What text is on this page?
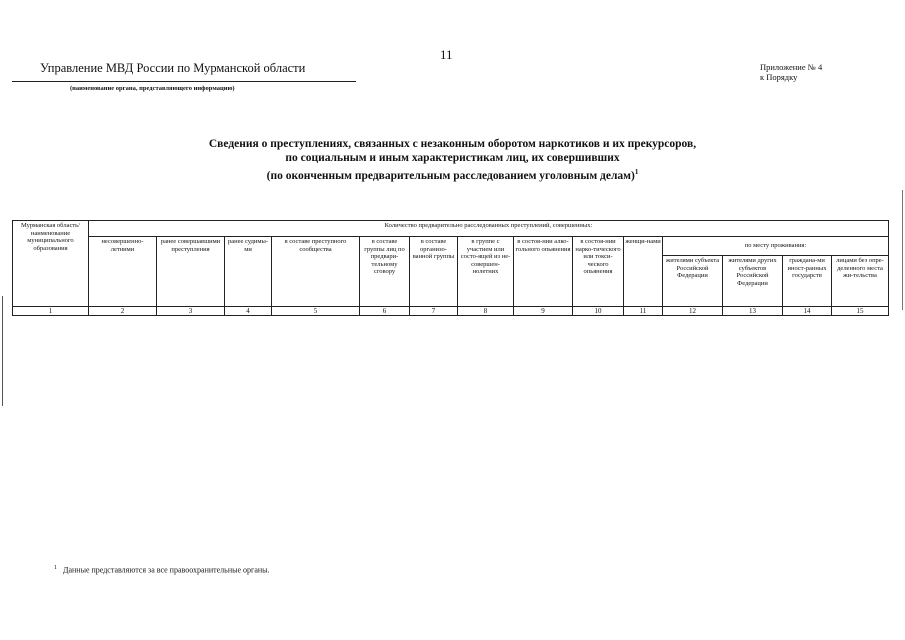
11
Управление МВД России по Мурманской области
(наименование органа, представляющего информацию)
Приложение № 4
к Порядку
Сведения о преступлениях, связанных с незаконным оборотом наркотиков и их прекурсоров,
по социальным и иным характеристикам лиц, их совершивших
(по оконченным предварительным расследованием уголовным делам)$^1$
Мурманская область/ наименование муниципального образования	Количество предварительно расследованных преступлений, совершенных:													
	несовершенно-летними	ранее совершавшими преступления	ранее судимы-ми	в составе преступного сообщества	в составе группы лиц по предвари-тельному сговору	в составе организо-ванной группы	в группе с участием или состо-ящей из не-совершен-нолетних	в состоя-нии алко-гольного опьянения	в состоя-нии нарко-тического или токси-ческого опьянения	женщи-нами	по месту проживания:			
											жителями субъекта Российской Федерации	жителями других субъектов Российской Федерации	граждана-ми иност-ранных государств	лицами без опре-деленного места жи-тельства
1	2	3	4	5	6	7	8	9	10	11	12	13	14	15
$^1$ Данные представляются за все правоохранительные органы.
